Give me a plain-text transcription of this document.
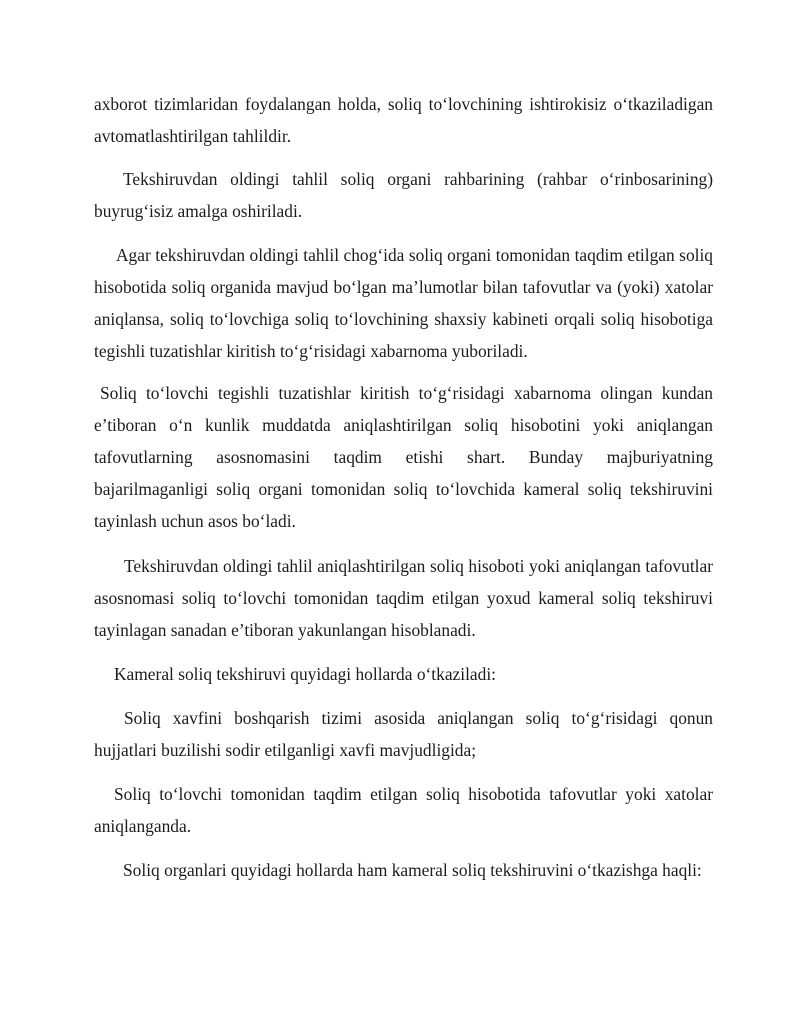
axborot tizimlaridan foydalangan holda, soliq to‘lovchining ishtirokisiz o‘tkaziladigan avtomatlashtirilgan tahlildir.

Tekshiruvdan oldingi tahlil soliq organi rahbarining (rahbar o‘rinbosarining) buyrug‘isiz amalga oshiriladi.

Agar tekshiruvdan oldingi tahlil chog‘ida soliq organi tomonidan taqdim etilgan soliq hisobotida soliq organida mavjud bo‘lgan ma’lumotlar bilan tafovutlar va (yoki) xatolar aniqlansa, soliq to‘lovchiga soliq to‘lovchining shaxsiy kabineti orqali soliq hisobotiga tegishli tuzatishlar kiritish to‘g‘risidagi xabarnoma yuboriladi.

Soliq to‘lovchi tegishli tuzatishlar kiritish to‘g‘risidagi xabarnoma olingan kundan e’tiboran o‘n kunlik muddatda aniqlashtirilgan soliq hisobotini yoki aniqlangan tafovutlarning asosnomasini taqdim etishi shart. Bunday majburiyatning bajarilmaganligi soliq organi tomonidan soliq to‘lovchida kameral soliq tekshiruvini tayinlash uchun asos bo‘ladi.

Tekshiruvdan oldingi tahlil aniqlashtirilgan soliq hisoboti yoki aniqlangan tafovutlar asosnomasi soliq to‘lovchi tomonidan taqdim etilgan yoxud kameral soliq tekshiruvi tayinlagan sanadan e’tiboran yakunlangan hisoblanadi.

Kameral soliq tekshiruvi quyidagi hollarda o‘tkaziladi:

Soliq xavfini boshqarish tizimi asosida aniqlangan soliq to‘g‘risidagi qonun hujjatlari buzilishi sodir etilganligi xavfi mavjudligida;

Soliq to‘lovchi tomonidan taqdim etilgan soliq hisobotida tafovutlar yoki xatolar aniqlanganda.

Soliq organlari quyidagi hollarda ham kameral soliq tekshiruvini o‘tkazishga haqli:
